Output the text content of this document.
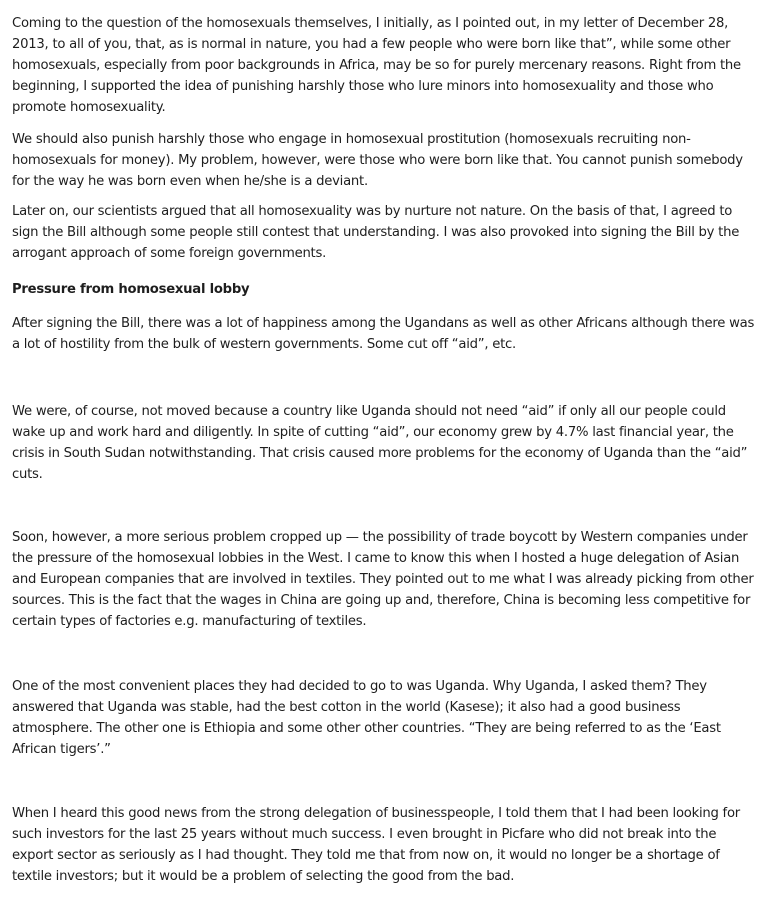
Coming to the question of the homosexuals themselves, I initially, as I pointed out, in my letter of December 28, 2013, to all of you, that, as is normal in nature, you had a few people who were born like that”, while some other homosexuals, especially from poor backgrounds in Africa, may be so for purely mercenary reasons. Right from the beginning, I supported the idea of punishing harshly those who lure minors into homosexuality and those who promote homosexuality.

We should also punish harshly those who engage in homosexual prostitution (homosexuals recruiting non-homosexuals for money). My problem, however, were those who were born like that. You cannot punish somebody for the way he was born even when he/she is a deviant.

Later on, our scientists argued that all homosexuality was by nurture not nature. On the basis of that, I agreed to sign the Bill although some people still contest that understanding. I was also provoked into signing the Bill by the arrogant approach of some foreign governments.

Pressure from homosexual lobby

After signing the Bill, there was a lot of happiness among the Ugandans as well as other Africans although there was a lot of hostility from the bulk of western governments. Some cut off “aid”, etc.

We were, of course, not moved because a country like Uganda should not need “aid” if only all our people could wake up and work hard and diligently. In spite of cutting “aid”, our economy grew by 4.7% last financial year, the crisis in South Sudan notwithstanding. That crisis caused more problems for the economy of Uganda than the “aid” cuts.

Soon, however, a more serious problem cropped up — the possibility of trade boycott by Western companies under the pressure of the homosexual lobbies in the West. I came to know this when I hosted a huge delegation of Asian and European companies that are involved in textiles. They pointed out to me what I was already picking from other sources. This is the fact that the wages in China are going up and, therefore, China is becoming less competitive for certain types of factories e.g. manufacturing of textiles.

One of the most convenient places they had decided to go to was Uganda. Why Uganda, I asked them? They answered that Uganda was stable, had the best cotton in the world (Kasese); it also had a good business atmosphere. The other one is Ethiopia and some other other countries. “They are being referred to as the ‘East African tigers’.”

When I heard this good news from the strong delegation of businesspeople, I told them that I had been looking for such investors for the last 25 years without much success. I even brought in Picfare who did not break into the export sector as seriously as I had thought. They told me that from now on, it would no longer be a shortage of textile investors; but it would be a problem of selecting the good from the bad.
